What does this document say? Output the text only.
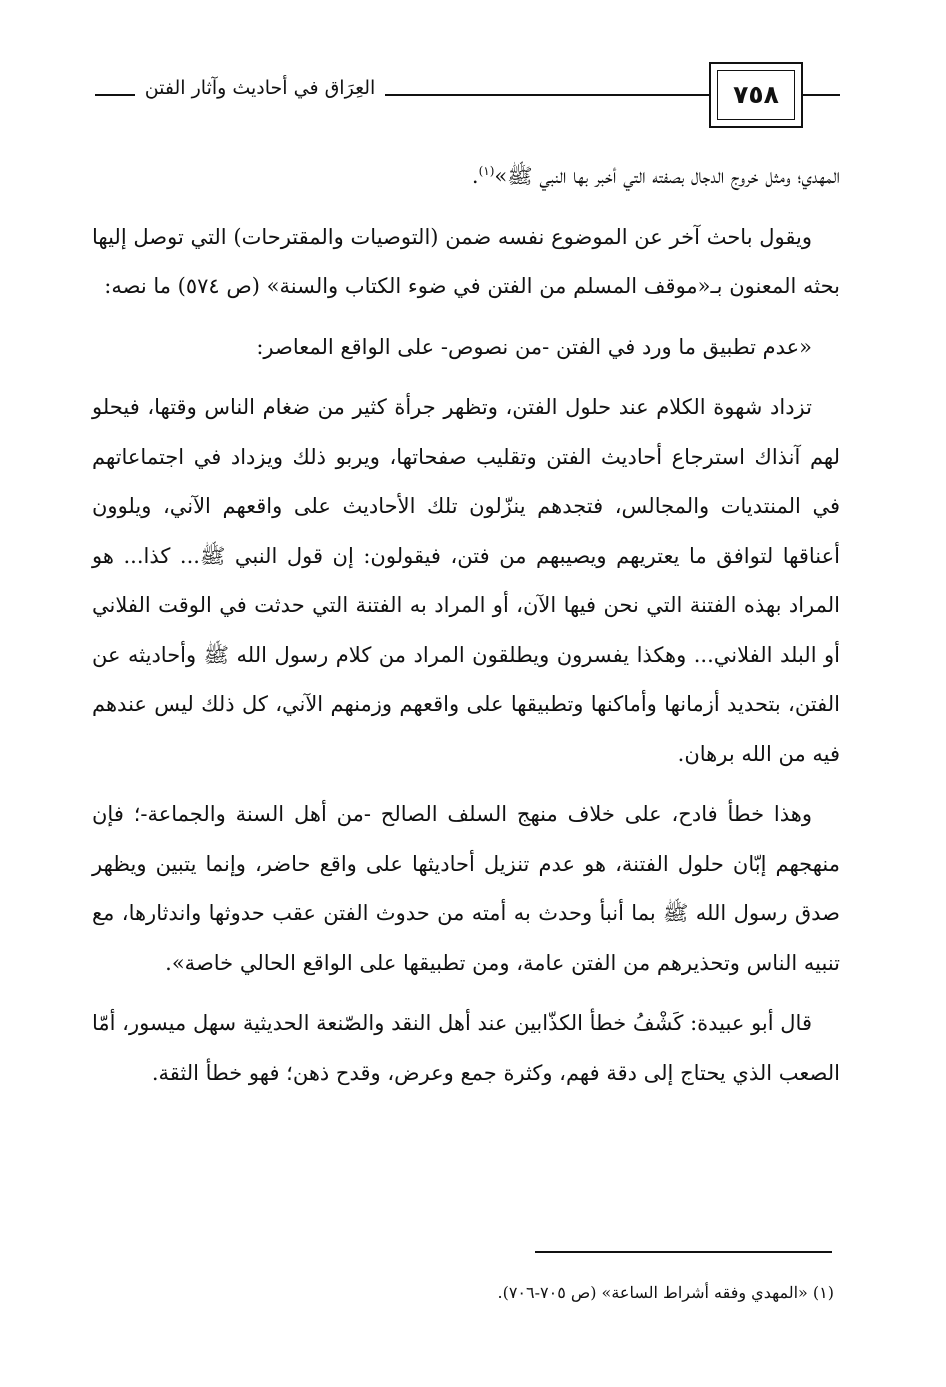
٧٥٨
العِرَاق في أحاديث وآثار الفتن

المهدي؛ ومثل خروج الدجال بصفته التي أخبر بها النبي ﷺ»$^{(١)}$.

ويقول باحث آخر عن الموضوع نفسه ضمن (التوصيات والمقترحات) التي توصل إليها بحثه المعنون بـ«موقف المسلم من الفتن في ضوء الكتاب والسنة» (ص ٥٧٤) ما نصه:

«عدم تطبيق ما ورد في الفتن -من نصوص- على الواقع المعاصر:

تزداد شهوة الكلام عند حلول الفتن، وتظهر جرأة كثير من ضغام الناس وقتها، فيحلو لهم آنذاك استرجاع أحاديث الفتن وتقليب صفحاتها، ويربو ذلك ويزداد في اجتماعاتهم في المنتديات والمجالس، فتجدهم ينزّلون تلك الأحاديث على واقعهم الآني، ويلوون أعناقها لتوافق ما يعتريهم ويصيبهم من فتن، فيقولون: إن قول النبي ﷺ... كذا... هو المراد بهذه الفتنة التي نحن فيها الآن، أو المراد به الفتنة التي حدثت في الوقت الفلاني أو البلد الفلاني... وهكذا يفسرون ويطلقون المراد من كلام رسول الله ﷺ وأحاديثه عن الفتن، بتحديد أزمانها وأماكنها وتطبيقها على واقعهم وزمنهم الآني، كل ذلك ليس عندهم فيه من الله برهان.

وهذا خطأ فادح، على خلاف منهج السلف الصالح -من أهل السنة والجماعة-؛ فإن منهجهم إبّان حلول الفتنة، هو عدم تنزيل أحاديثها على واقع حاضر، وإنما يتبين ويظهر صدق رسول الله ﷺ بما أنبأ وحدث به أمته من حدوث الفتن عقب حدوثها واندثارها، مع تنبيه الناس وتحذيرهم من الفتن عامة، ومن تطبيقها على الواقع الحالي خاصة».

قال أبو عبيدة: كَشْفُ خطأ الكذّابين عند أهل النقد والصّنعة الحديثية سهل ميسور، أمّا الصعب الذي يحتاج إلى دقة فهم، وكثرة جمع وعرض، وقدح ذهن؛ فهو خطأ الثقة.

(١) «المهدي وفقه أشراط الساعة» (ص ٧٠٥-٧٠٦).
